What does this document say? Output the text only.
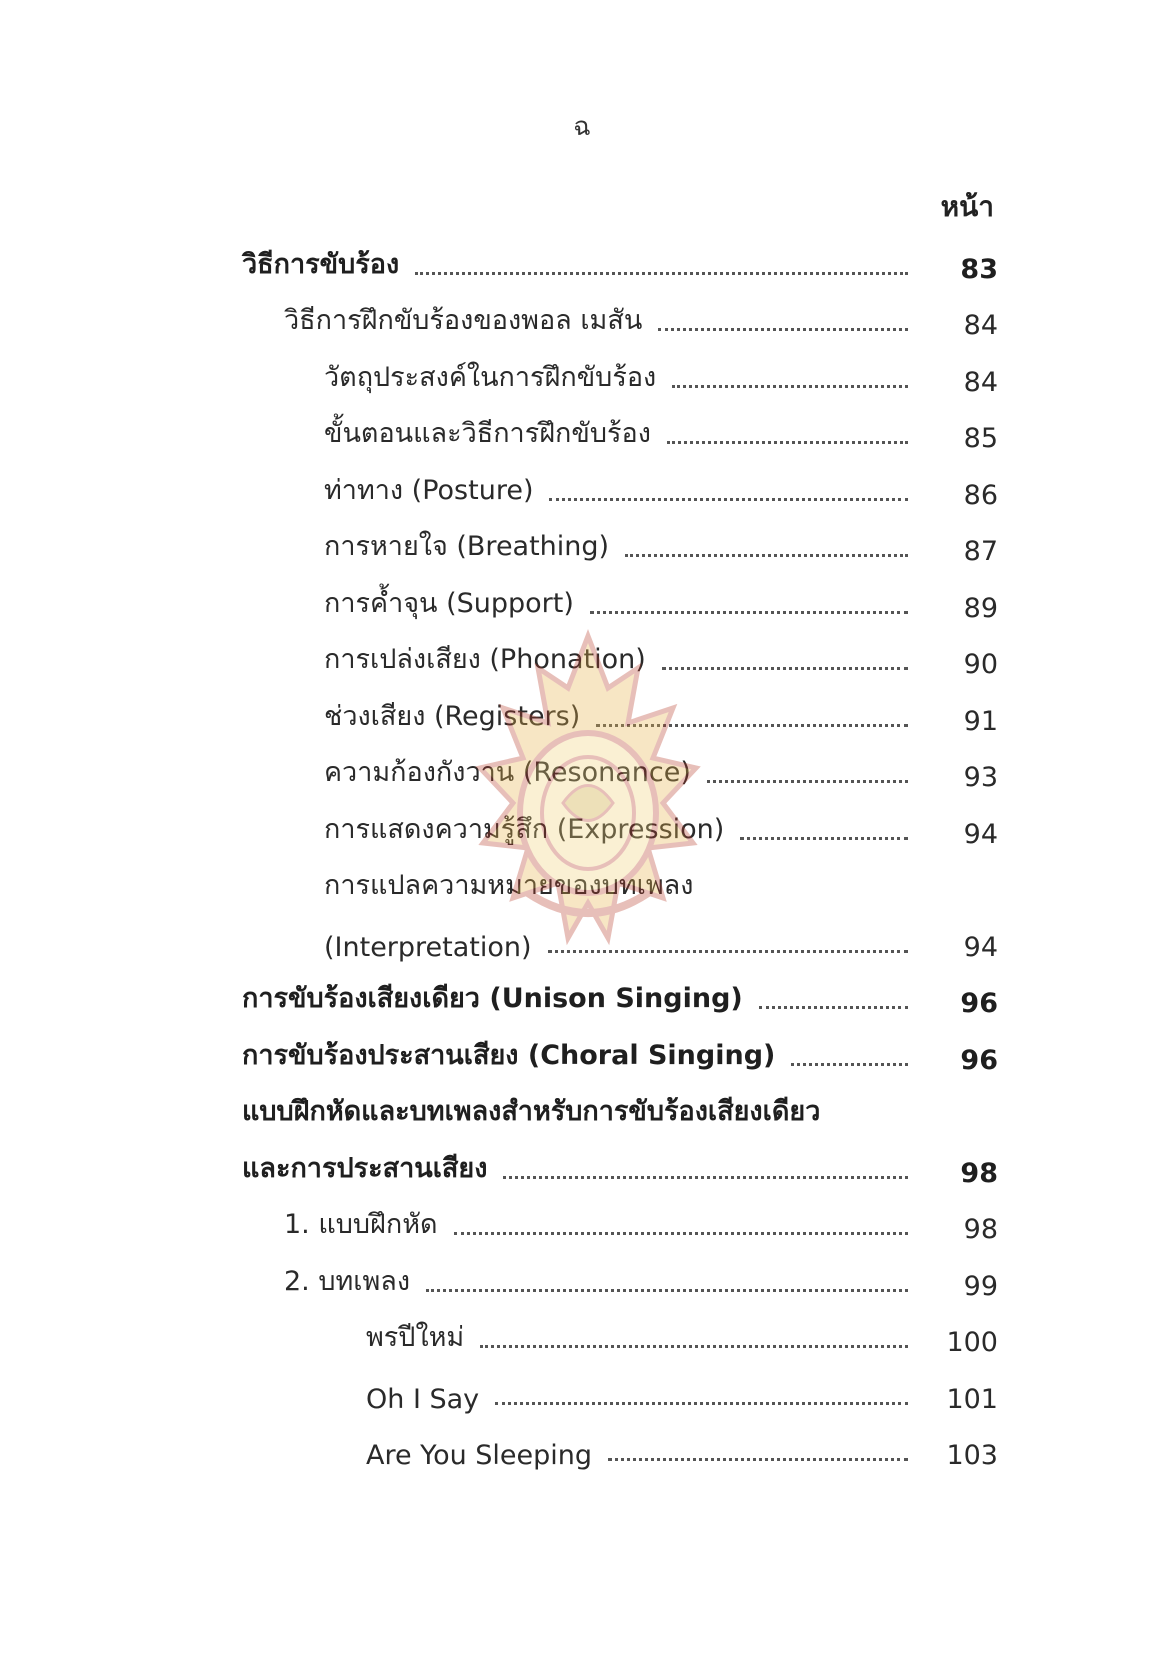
ฉ
หน้า
วิธีการขับร้อง	83
วิธีการฝึกขับร้องของพอล เมสัน	84
วัตถุประสงค์ในการฝึกขับร้อง	84
ขั้นตอนและวิธีการฝึกขับร้อง	85
ท่าทาง (Posture)	86
การหายใจ (Breathing)	87
การค้ำจุน (Support)	89
การเปล่งเสียง (Phonation)	90
ช่วงเสียง (Registers)	91
ความก้องกังวาน (Resonance)	93
การแสดงความรู้สึก (Expression)	94
การแปลความหมายของบทเพลง
(Interpretation)	94
การขับร้องเสียงเดียว (Unison Singing)	96
การขับร้องประสานเสียง (Choral Singing)	96
แบบฝึกหัดและบทเพลงสำหรับการขับร้องเสียงเดียว
และการประสานเสียง	98
1. แบบฝึกหัด	98
2. บทเพลง	99
พรปีใหม่	100
Oh I Say	101
Are You Sleeping	103
